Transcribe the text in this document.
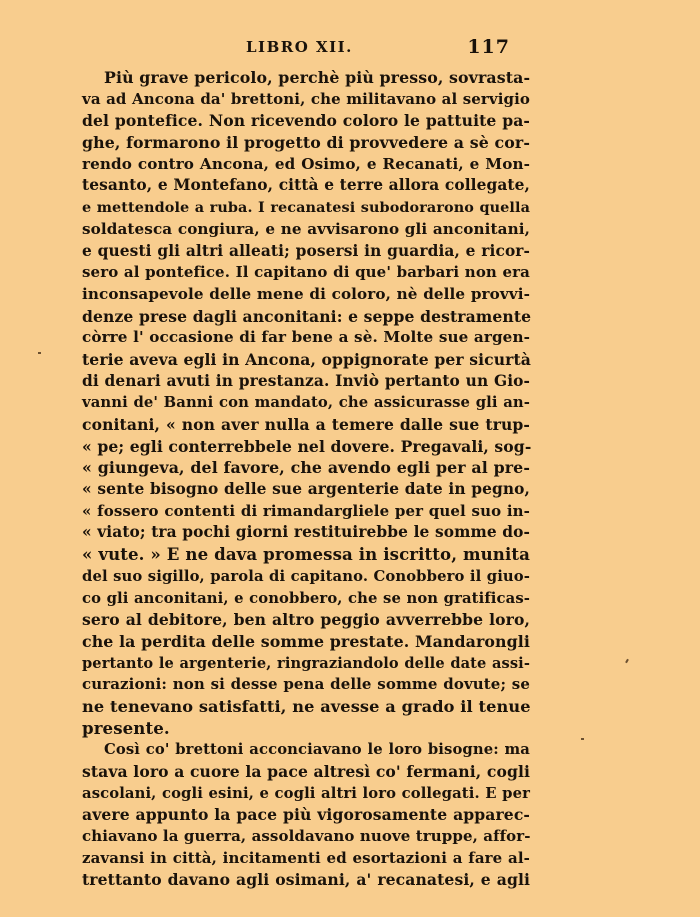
LIBRO XII.	117
Più grave pericolo, perchè più presso, sovrasta-
va ad Ancona da' brettoni, che militavano al servigio
del pontefice. Non ricevendo coloro le pattuite pa-
ghe, formarono il progetto di provvedere a sè cor-
rendo contro Ancona, ed Osimo, e Recanati, e Mon-
tesanto, e Montefano, città e terre allora collegate,
e mettendole a ruba. I recanatesi subodorarono quella
soldatesca congiura, e ne avvisarono gli anconitani,
e questi gli altri alleati; posersi in guardia, e ricor-
sero al pontefice. Il capitano di que' barbari non era
inconsapevole delle mene di coloro, nè delle provvi-
denze prese dagli anconitani: e seppe destramente
còrre l' occasione di far bene a sè. Molte sue argen-
terie aveva egli in Ancona, oppignorate per sicurtà
di denari avuti in prestanza. Inviò pertanto un Gio-
vanni de' Banni con mandato, che assicurasse gli an-
conitani, « non aver nulla a temere dalle sue trup-
« pe; egli conterrebbele nel dovere. Pregavali, sog-
« giungeva, del favore, che avendo egli per al pre-
« sente bisogno delle sue argenterie date in pegno,
« fossero contenti di rimandargliele per quel suo in-
« viato; tra pochi giorni restituirebbe le somme do-
« vute. » E ne dava promessa in iscritto, munita
del suo sigillo, parola di capitano. Conobbero il giuo-
co gli anconitani, e conobbero, che se non gratificas-
sero al debitore, ben altro peggio avverrebbe loro,
che la perdita delle somme prestate. Mandarongli
pertanto le argenterie, ringraziandolo delle date assi-
curazioni: non si desse pena delle somme dovute; se
ne tenevano satisfatti, ne avesse a grado il tenue
presente.
Così co' brettoni acconciavano le loro bisogne: ma
stava loro a cuore la pace altresì co' fermani, cogli
ascolani, cogli esini, e cogli altri loro collegati. E per
avere appunto la pace più vigorosamente apparec-
chiavano la guerra, assoldavano nuove truppe, affor-
zavansi in città, incitamenti ed esortazioni a fare al-
trettanto davano agli osimani, a' recanatesi, e agli
